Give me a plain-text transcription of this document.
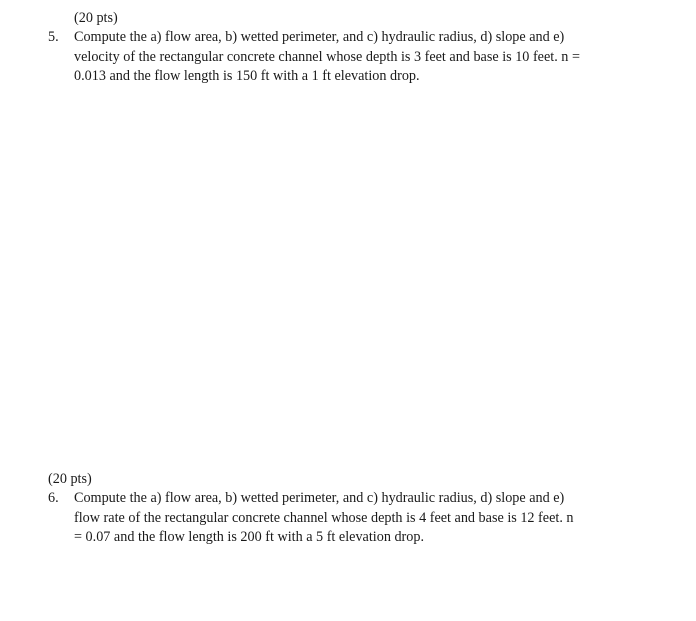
(20 pts)
5. Compute the a) flow area, b) wetted perimeter, and c) hydraulic radius, d) slope and e)
velocity of the rectangular concrete channel whose depth is 3 feet and base is 10 feet. n =
0.013 and the flow length is 150 ft with a 1 ft elevation drop.
(20 pts)
6. Compute the a) flow area, b) wetted perimeter, and c) hydraulic radius, d) slope and e)
flow rate of the rectangular concrete channel whose depth is 4 feet and base is 12 feet. n
= 0.07 and the flow length is 200 ft with a 5 ft elevation drop.
